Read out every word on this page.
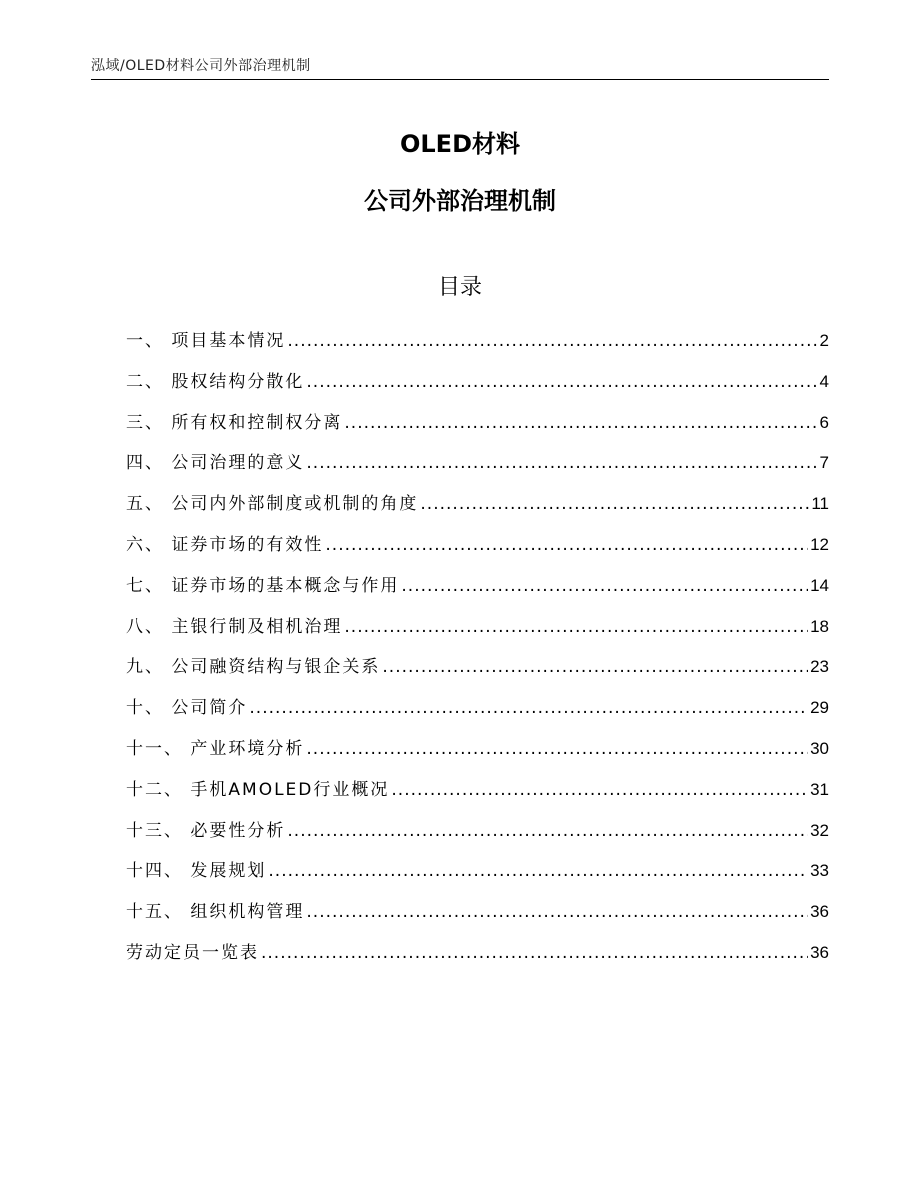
泓域/OLED材料公司外部治理机制
OLED材料
公司外部治理机制
目录
一、 项目基本情况 .....	2
二、 股权结构分散化 .....	4
三、 所有权和控制权分离 .....	6
四、 公司治理的意义 .....	7
五、 公司内外部制度或机制的角度 .....	11
六、 证券市场的有效性 .....	12
七、 证券市场的基本概念与作用 .....	14
八、 主银行制及相机治理 .....	18
九、 公司融资结构与银企关系 .....	23
十、 公司简介 .....	29
十一、 产业环境分析 .....	30
十二、 手机AMOLED行业概况 .....	31
十三、 必要性分析 .....	32
十四、 发展规划 .....	33
十五、 组织机构管理 .....	36
劳动定员一览表 .....	36
